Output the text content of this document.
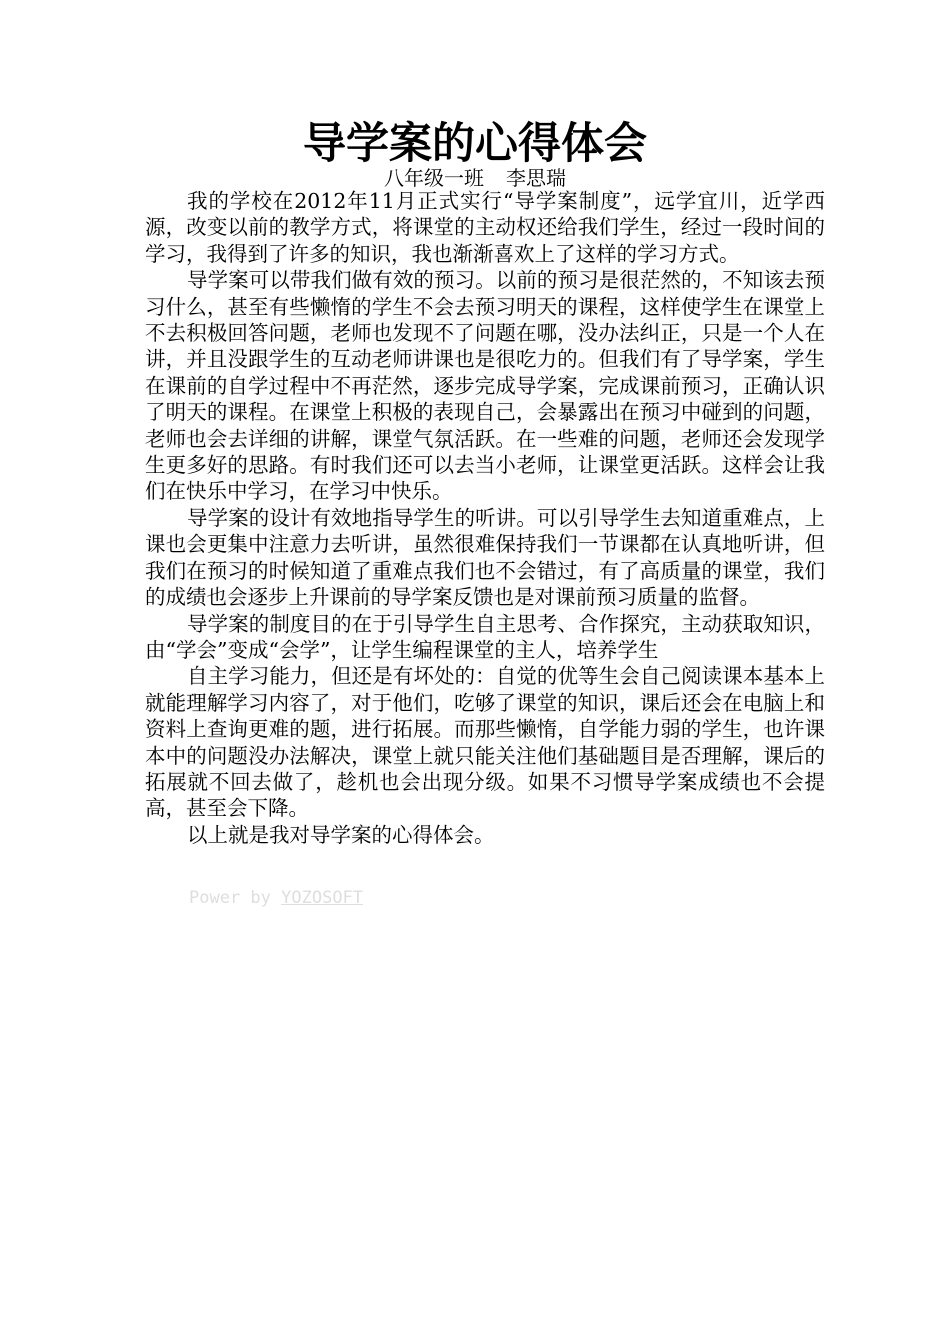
导学案的心得体会
八年级一班 李思瑞

我的学校在2012年11月正式实行“导学案制度”，远学宜川，近学西源，改变以前的教学方式，将课堂的主动权还给我们学生，经过一段时间的学习，我得到了许多的知识，我也渐渐喜欢上了这样的学习方式。

导学案可以带我们做有效的预习。以前的预习是很茫然的，不知该去预习什么，甚至有些懒惰的学生不会去预习明天的课程，这样使学生在课堂上不去积极回答问题，老师也发现不了问题在哪，没办法纠正，只是一个人在讲，并且没跟学生的互动老师讲课也是很吃力的。但我们有了导学案，学生在课前的自学过程中不再茫然，逐步完成导学案，完成课前预习，正确认识了明天的课程。在课堂上积极的表现自己，会暴露出在预习中碰到的问题，老师也会去详细的讲解，课堂气氛活跃。在一些难的问题，老师还会发现学生更多好的思路。有时我们还可以去当小老师，让课堂更活跃。这样会让我们在快乐中学习，在学习中快乐。

导学案的设计有效地指导学生的听讲。可以引导学生去知道重难点，上课也会更集中注意力去听讲，虽然很难保持我们一节课都在认真地听讲，但我们在预习的时候知道了重难点我们也不会错过，有了高质量的课堂，我们的成绩也会逐步上升课前的导学案反馈也是对课前预习质量的监督。

导学案的制度目的在于引导学生自主思考、合作探究，主动获取知识，由“学会”变成“会学”，让学生编程课堂的主人，培养学生

自主学习能力，但还是有坏处的：自觉的优等生会自己阅读课本基本上就能理解学习内容了，对于他们，吃够了课堂的知识，课后还会在电脑上和资料上查询更难的题，进行拓展。而那些懒惰，自学能力弱的学生，也许课本中的问题没办法解决，课堂上就只能关注他们基础题目是否理解，课后的拓展就不回去做了，趁机也会出现分级。如果不习惯导学案成绩也不会提高，甚至会下降。

以上就是我对导学案的心得体会。

Power by YOZOSOFT
